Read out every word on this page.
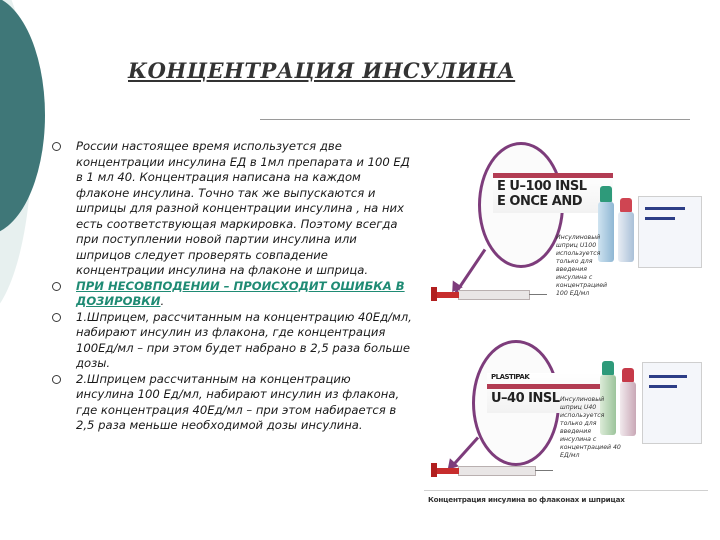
КОНЦЕНТРАЦИЯ ИНСУЛИНА
России настоящее время используется две концентрации инсулина ЕД в 1мл препарата и 100 ЕД в 1 мл 40. Концентрация написана на каждом флаконе инсулина. Точно так же выпускаются и шприцы для разной концентрации инсулина , на них есть соответствующая маркировка. Поэтому всегда при поступлении новой партии инсулина или шприцов следует проверять совпадение концентрации инсулина на флаконе и шприца.
ПРИ НЕСОВПОДЕНИИ – ПРОИСХОДИТ ОШИБКА В ДОЗИРОВКИ.
1.Шприцем, рассчитанным на концентрацию 40Ед/мл, набирают инсулин из флакона, где концентрация 100Ед/мл – при этом будет набрано в 2,5 раза больше дозы.
2.Шприцем рассчитанным на концентрацию инсулина 100 Ед/мл, набирают инсулин из флакона, где концентрация 40Ед/мл – при этом набирается в 2,5 раза меньше необходимой дозы инсулина.
E U–100 INSL
E ONCE AND
Инсулиновый шприц U100 используется только для введения инсулина с концентрацией 100 ЕД/мл
PLASTIPAK
U–40 INSL Инсулиновый шприц U40 используется только для введения инсулина с концентрацией 40 ЕД/мл
Концентрация инсулина во флаконах и шприцах
